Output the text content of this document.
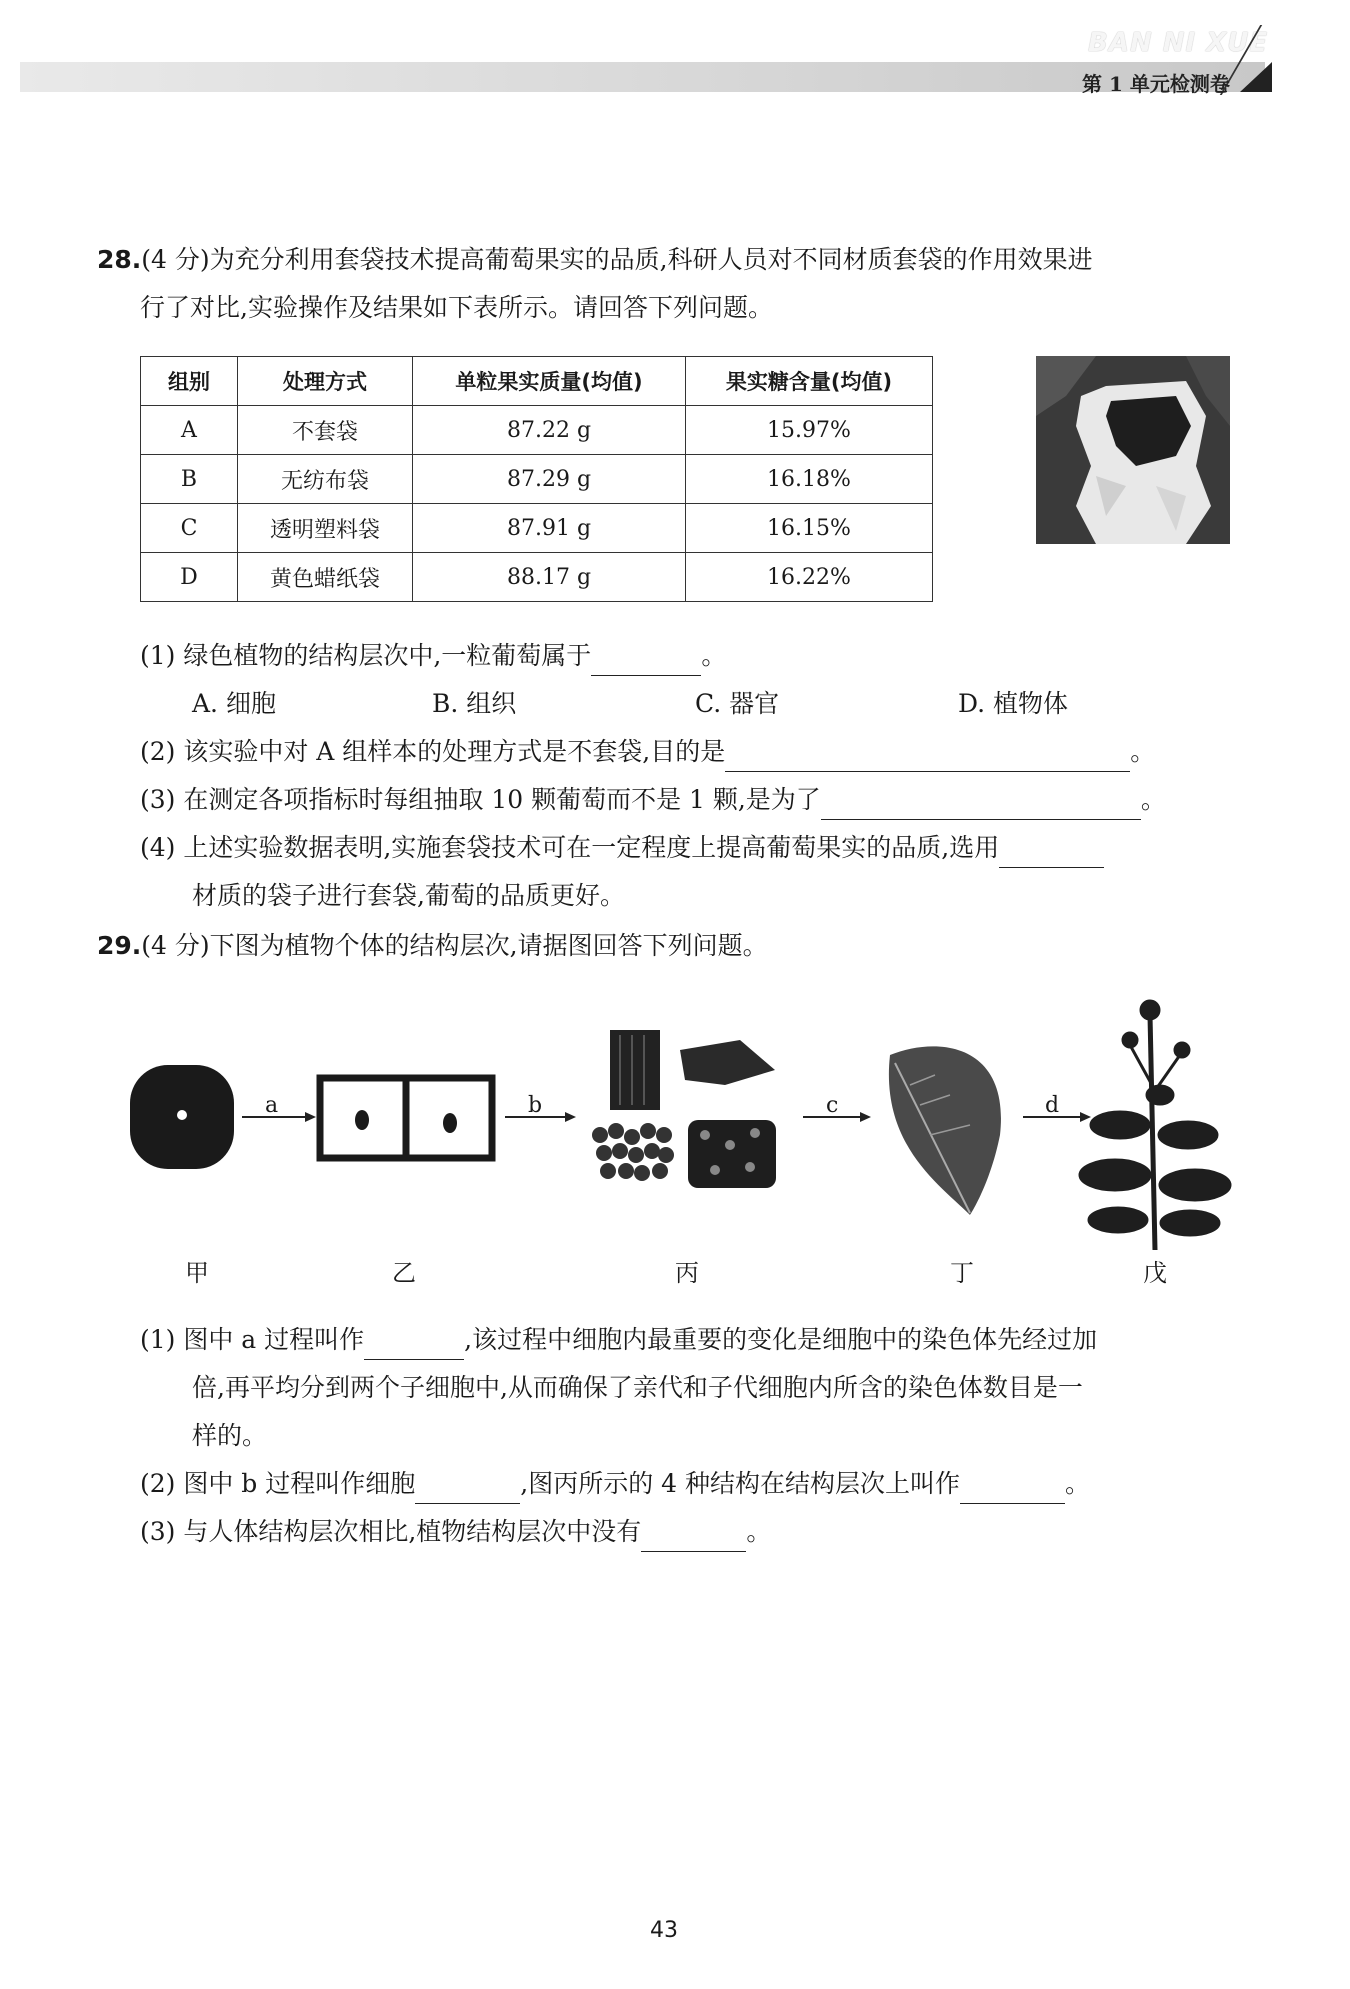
BAN NI XUE
第 1 单元检测卷
28.(4 分)为充分利用套袋技术提高葡萄果实的品质,科研人员对不同材质套袋的作用效果进
行了对比,实验操作及结果如下表所示。请回答下列问题。
组别	处理方式	单粒果实质量(均值)	果实糖含量(均值)
A	不套袋	87.22 g	15.97%
B	无纺布袋	87.29 g	16.18%
C	透明塑料袋	87.91 g	16.15%
D	黄色蜡纸袋	88.17 g	16.22%
(1) 绿色植物的结构层次中,一粒葡萄属于	。
A. 细胞	B. 组织	C. 器官	D. 植物体
(2) 该实验中对 A 组样本的处理方式是不套袋,目的是	。
(3) 在测定各项指标时每组抽取 10 颗葡萄而不是 1 颗,是为了	。
(4) 上述实验数据表明,实施套袋技术可在一定程度上提高葡萄果实的品质,选用
材质的袋子进行套袋,葡萄的品质更好。
29.(4 分)下图为植物个体的结构层次,请据图回答下列问题。
a	b	c	d
甲	乙	丙	丁	戊
(1) 图中 a 过程叫作	,该过程中细胞内最重要的变化是细胞中的染色体先经过加
倍,再平均分到两个子细胞中,从而确保了亲代和子代细胞内所含的染色体数目是一
样的。
(2) 图中 b 过程叫作细胞	,图丙所示的 4 种结构在结构层次上叫作	。
(3) 与人体结构层次相比,植物结构层次中没有	。
43
